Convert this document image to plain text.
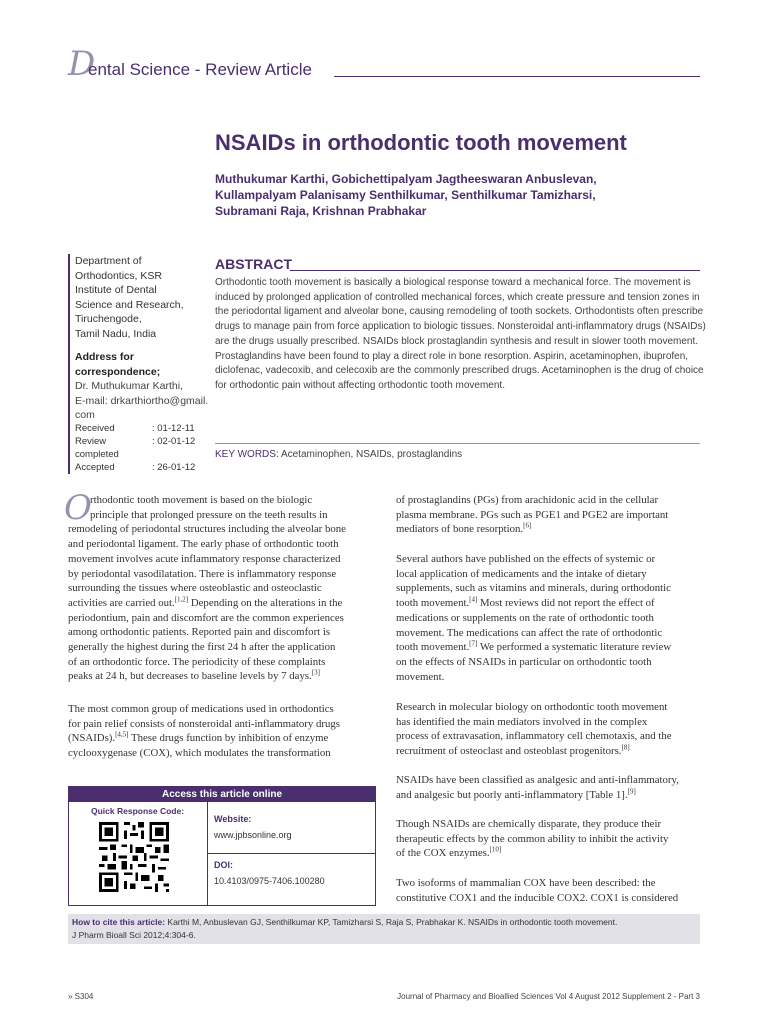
D
ental Science - Review Article
NSAIDs in orthodontic tooth movement
Muthukumar Karthi, Gobichettipalyam Jagtheeswaran Anbuslevan,
Kullampalyam Palanisamy Senthilkumar, Senthilkumar Tamizharsi,
Subramani Raja, Krishnan Prabhakar
Department of
Orthodontics, KSR
Institute of Dental
Science and Research,
Tiruchengode,
Tamil Nadu, India
Address for correspondence;
Dr. Muthukumar Karthi,
E-mail: drkarthiortho@gmail.
com
Received	: 01-12-11
Review completed
: 02-01-12
Accepted	: 26-01-12
ABSTRACT
Orthodontic tooth movement is basically a biological response toward a mechanical force. The movement is
induced by prolonged application of controlled mechanical forces, which create pressure and tension zones in
the periodontal ligament and alveolar bone, causing remodeling of tooth sockets. Orthodontists often prescribe
drugs to manage pain from force application to biologic tissues. Nonsteroidal anti-inflammatory drugs (NSAIDs)
are the drugs usually prescribed. NSAIDs block prostaglandin synthesis and result in slower tooth movement.
Prostaglandins have been found to play a direct role in bone resorption. Aspirin, acetaminophen, ibuprofen,
diclofenac, vadecoxib, and celecoxib are the commonly prescribed drugs. Acetaminophen is the drug of choice
for orthodontic pain without affecting orthodontic tooth movement.
KEY WORDS: Acetaminophen, NSAIDs, prostaglandins
O
rthodontic tooth movement is based on the biologic
principle that prolonged pressure on the teeth results in
remodeling of periodontal structures including the alveolar bone
and periodontal ligament. The early phase of orthodontic tooth
movement involves acute inflammatory response characterized
by periodontal vasodilatation. There is inflammatory response
surrounding the tissues where osteoblastic and osteoclastic
activities are carried out.[1,2] Depending on the alterations in the
periodontium, pain and discomfort are the common experiences
among orthodontic patients. Reported pain and discomfort is
generally the highest during the first 24 h after the application
of an orthodontic force. The periodicity of these complaints
peaks at 24 h, but decreases to baseline levels by 7 days.[3]
The most common group of medications used in orthodontics
for pain relief consists of nonsteroidal anti-inflammatory drugs
(NSAIDs).[4,5] These drugs function by inhibition of enzyme
cyclooxygenase (COX), which modulates the transformation
Access this article online
Quick Response Code:
Website:
www.jpbsonline.org
DOI:
10.4103/0975-7406.100280
of prostaglandins (PGs) from arachidonic acid in the cellular
plasma membrane. PGs such as PGE1 and PGE2 are important
mediators of bone resorption.[6]
Several authors have published on the effects of systemic or
local application of medicaments and the intake of dietary
supplements, such as vitamins and minerals, during orthodontic
tooth movement.[4] Most reviews did not report the effect of
medications or supplements on the rate of orthodontic tooth
movement. The medications can affect the rate of orthodontic
tooth movement.[7] We performed a systematic literature review
on the effects of NSAIDs in particular on orthodontic tooth
movement.
Research in molecular biology on orthodontic tooth movement
has identified the main mediators involved in the complex
process of extravasation, inflammatory cell chemotaxis, and the
recruitment of osteoclast and osteoblast progenitors.[8]
NSAIDs have been classified as analgesic and anti-inflammatory,
and analgesic but poorly anti-inflammatory [Table 1].[9]
Though NSAIDs are chemically disparate, they produce their
therapeutic effects by the common ability to inhibit the activity
of the COX enzymes.[10]
Two isoforms of mammalian COX have been described: the
constitutive COX1 and the inducible COX2. COX1 is considered
How to cite this article: Karthi M, Anbuslevan GJ, Senthilkumar KP, Tamizharsi S, Raja S, Prabhakar K. NSAIDs in orthodontic tooth movement.
J Pharm Bioall Sci 2012;4:304-6.
» S304	Journal of Pharmacy and Bioallied Sciences Vol 4 August 2012 Supplement 2 - Part 3
